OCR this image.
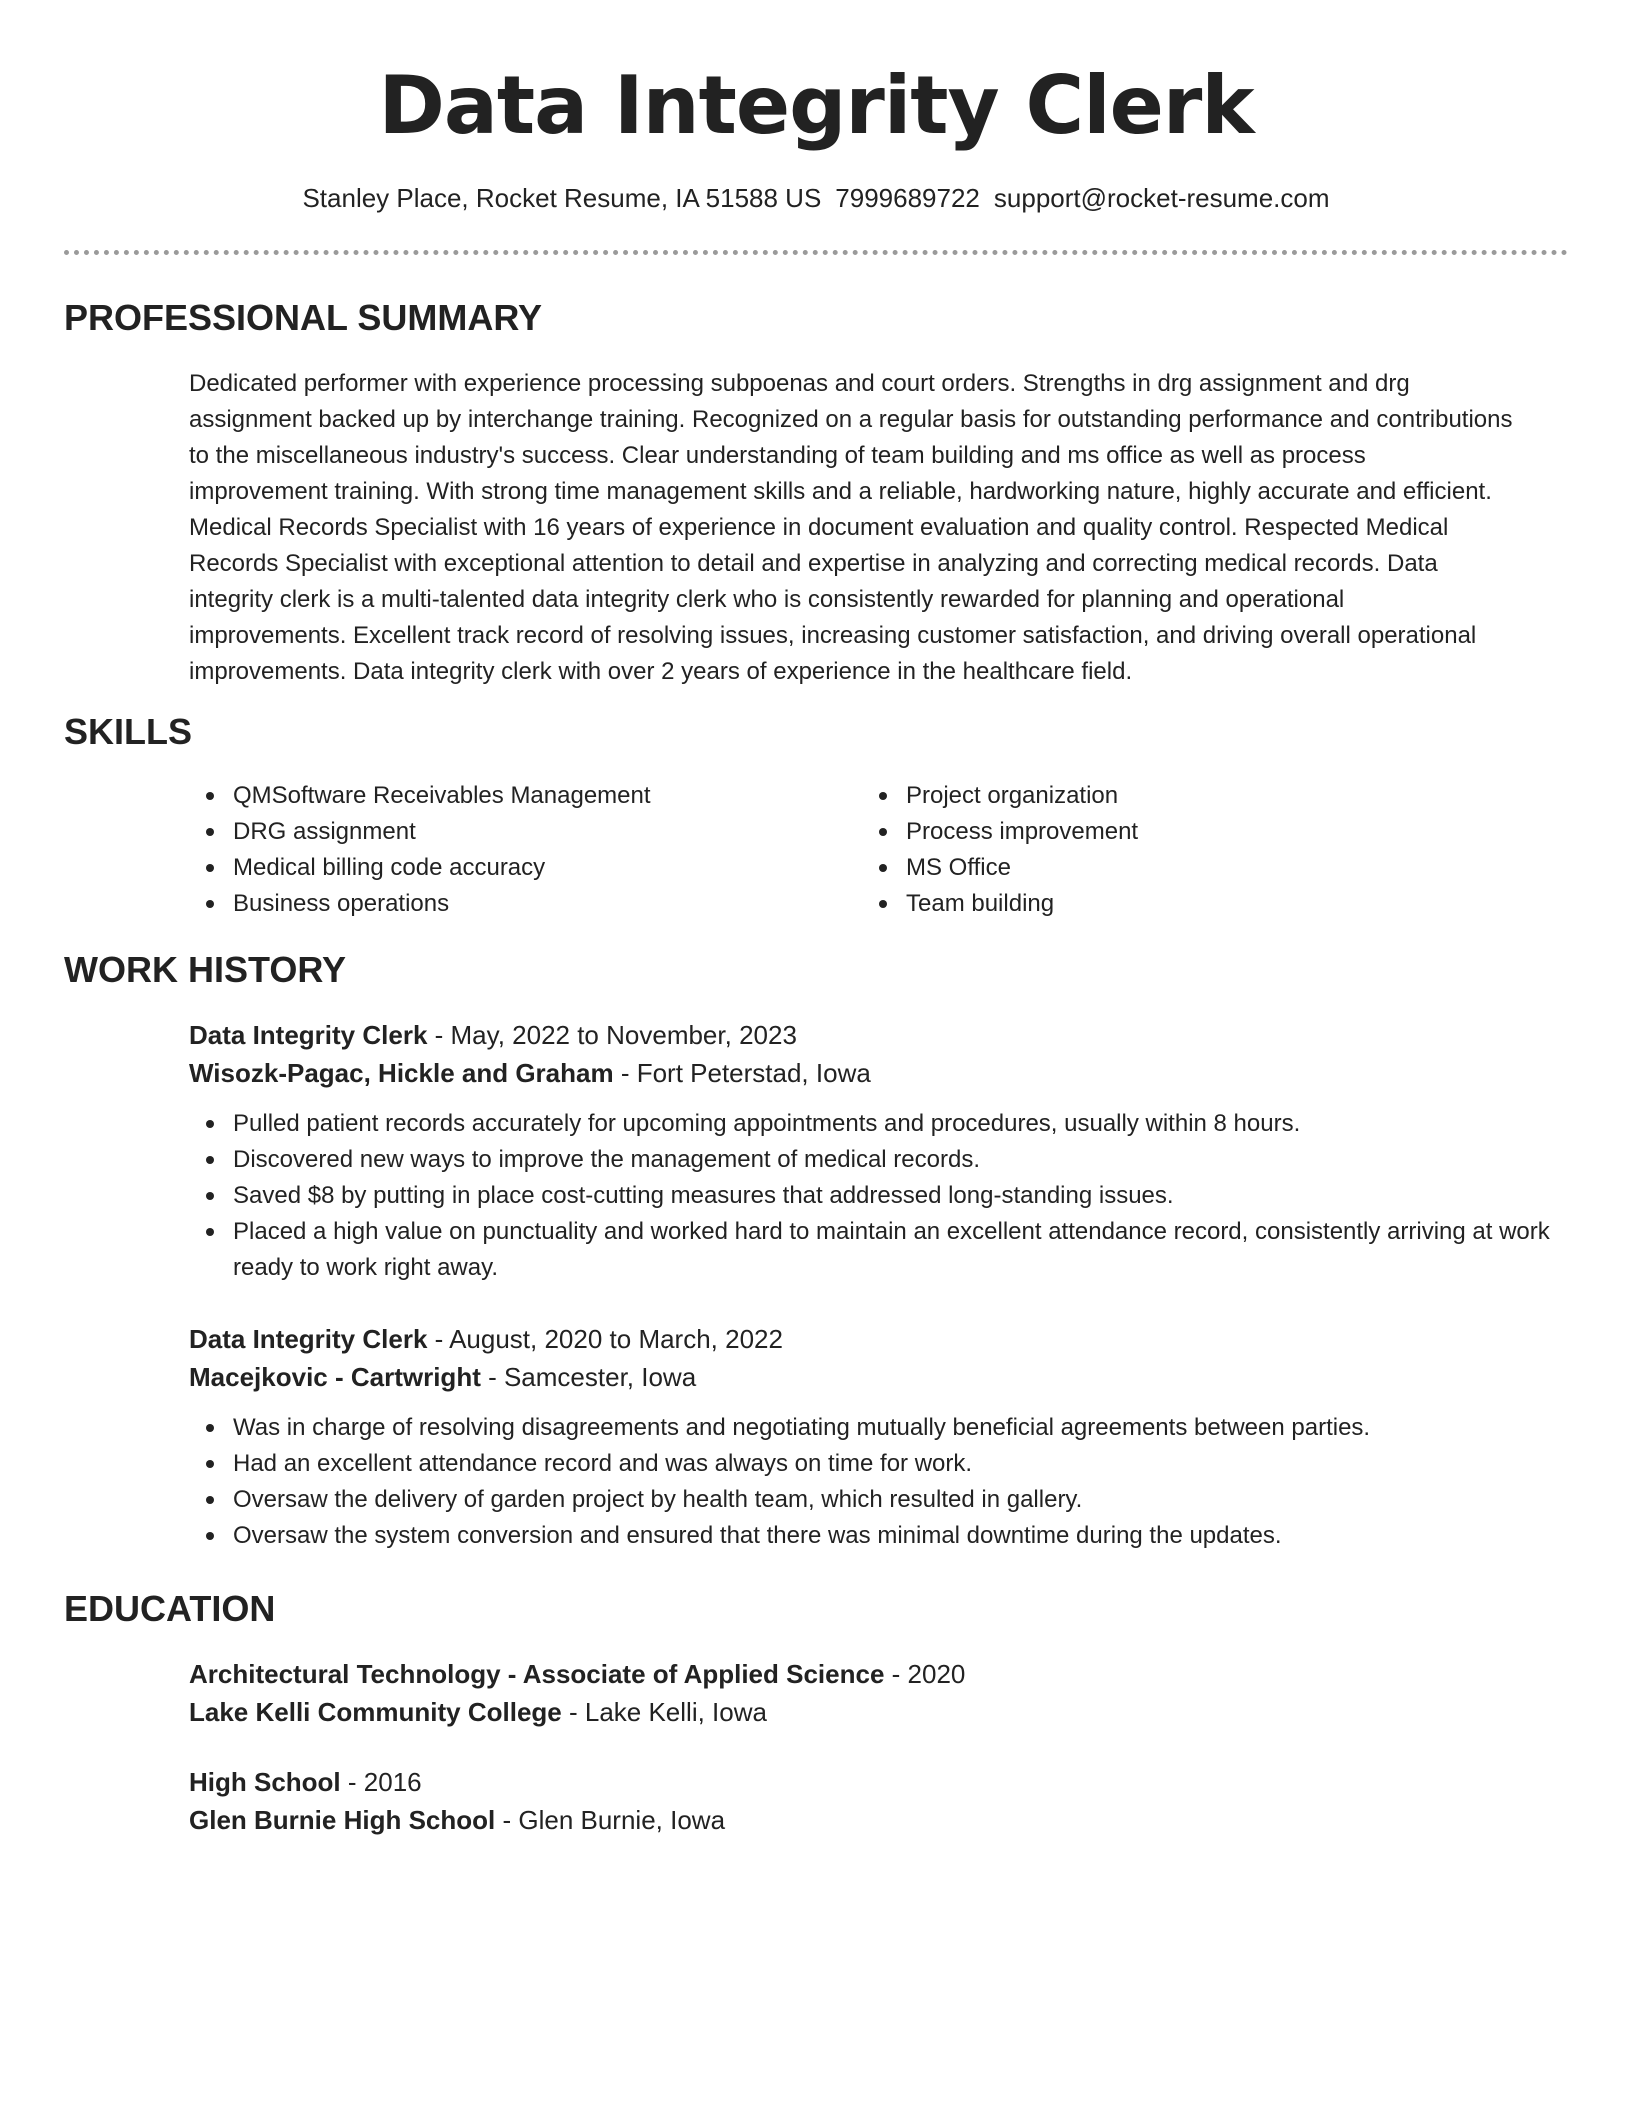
Data Integrity Clerk
Stanley Place, Rocket Resume, IA 51588 US 7999689722 support@rocket-resume.com
PROFESSIONAL SUMMARY
Dedicated performer with experience processing subpoenas and court orders. Strengths in drg assignment and drg
assignment backed up by interchange training. Recognized on a regular basis for outstanding performance and contributions
to the miscellaneous industry's success. Clear understanding of team building and ms office as well as process
improvement training. With strong time management skills and a reliable, hardworking nature, highly accurate and efficient.
Medical Records Specialist with 16 years of experience in document evaluation and quality control. Respected Medical
Records Specialist with exceptional attention to detail and expertise in analyzing and correcting medical records. Data
integrity clerk is a multi-talented data integrity clerk who is consistently rewarded for planning and operational
improvements. Excellent track record of resolving issues, increasing customer satisfaction, and driving overall operational
improvements. Data integrity clerk with over 2 years of experience in the healthcare field.
SKILLS
QMSoftware Receivables Management
DRG assignment
Medical billing code accuracy
Business operations
Project organization
Process improvement
MS Office
Team building
WORK HISTORY
Data Integrity Clerk - May, 2022 to November, 2023
Wisozk-Pagac, Hickle and Graham - Fort Peterstad, Iowa
Pulled patient records accurately for upcoming appointments and procedures, usually within 8 hours.
Discovered new ways to improve the management of medical records.
Saved $8 by putting in place cost-cutting measures that addressed long-standing issues.
Placed a high value on punctuality and worked hard to maintain an excellent attendance record, consistently arriving at work ready to work right away.
Data Integrity Clerk - August, 2020 to March, 2022
Macejkovic - Cartwright - Samcester, Iowa
Was in charge of resolving disagreements and negotiating mutually beneficial agreements between parties.
Had an excellent attendance record and was always on time for work.
Oversaw the delivery of garden project by health team, which resulted in gallery.
Oversaw the system conversion and ensured that there was minimal downtime during the updates.
EDUCATION
Architectural Technology - Associate of Applied Science - 2020
Lake Kelli Community College - Lake Kelli, Iowa
High School - 2016
Glen Burnie High School - Glen Burnie, Iowa
